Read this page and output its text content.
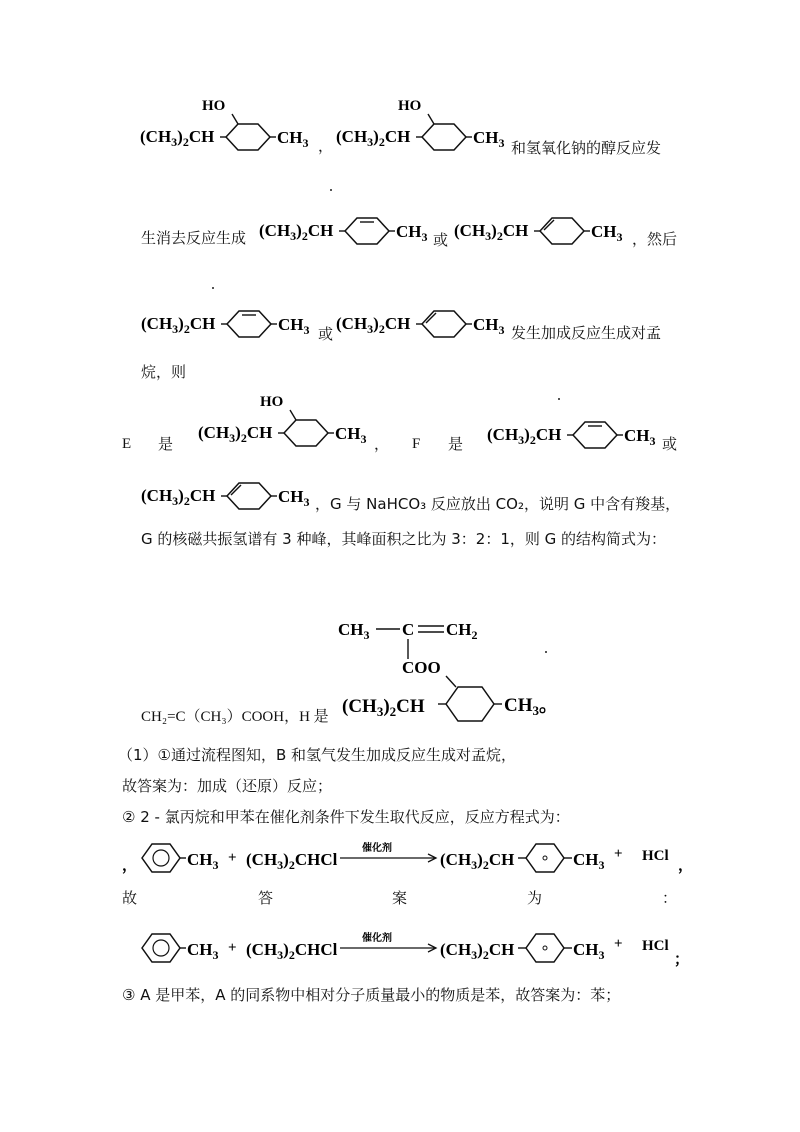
HO
$(CH_3)_2CH$	$CH_3$ ，
HO
$(CH_3)_2CH$	$CH_3$ 和氢氧化钠的醇反应发
生消去反应生成 $(CH_3)_2CH$	$CH_3$ 或 $(CH_3)_2CH$	$CH_3$ ，然后
$(CH_3)_2CH$	$CH_3$ 或
$(CH_3)_2CH$	$CH_3$ 发生加成反应生成对孟
烷，则
E 是
HO
$(CH_3)_2CH$	$CH_3$ ， F 是 $(CH_3)_2CH$	$CH_3$ 或
$(CH_3)_2CH$	$CH_3$ ，G 与 NaHCO₃ 反应放出 CO₂，说明 G 中含有羧基，
G 的核磁共振氢谱有 3 种峰，其峰面积之比为 3：2：1，则 G 的结构简式为：
$CH_3$ C $CH_2$
COO
$(CH_3)_2CH$	$CH_3$。
CH₂=C（CH₃）COOH，H 是
（1）①通过流程图知，B 和氢气发生加成反应生成对孟烷，
故答案为：加成（还原）反应；
② 2 - 氯丙烷和甲苯在催化剂条件下发生取代反应，反应方程式为：
，	$CH_3$ + $(CH_3)_2CHCl$
催化剂
$(CH_3)_2CH$	$CH_3$
+ HCl
，
故	答	案	为	：
$CH_3$ + $(CH_3)_2CHCl$
催化剂
$(CH_3)_2CH$	$CH_3$
+ HCl
；
③ A 是甲苯，A 的同系物中相对分子质量最小的物质是苯，故答案为：苯；
